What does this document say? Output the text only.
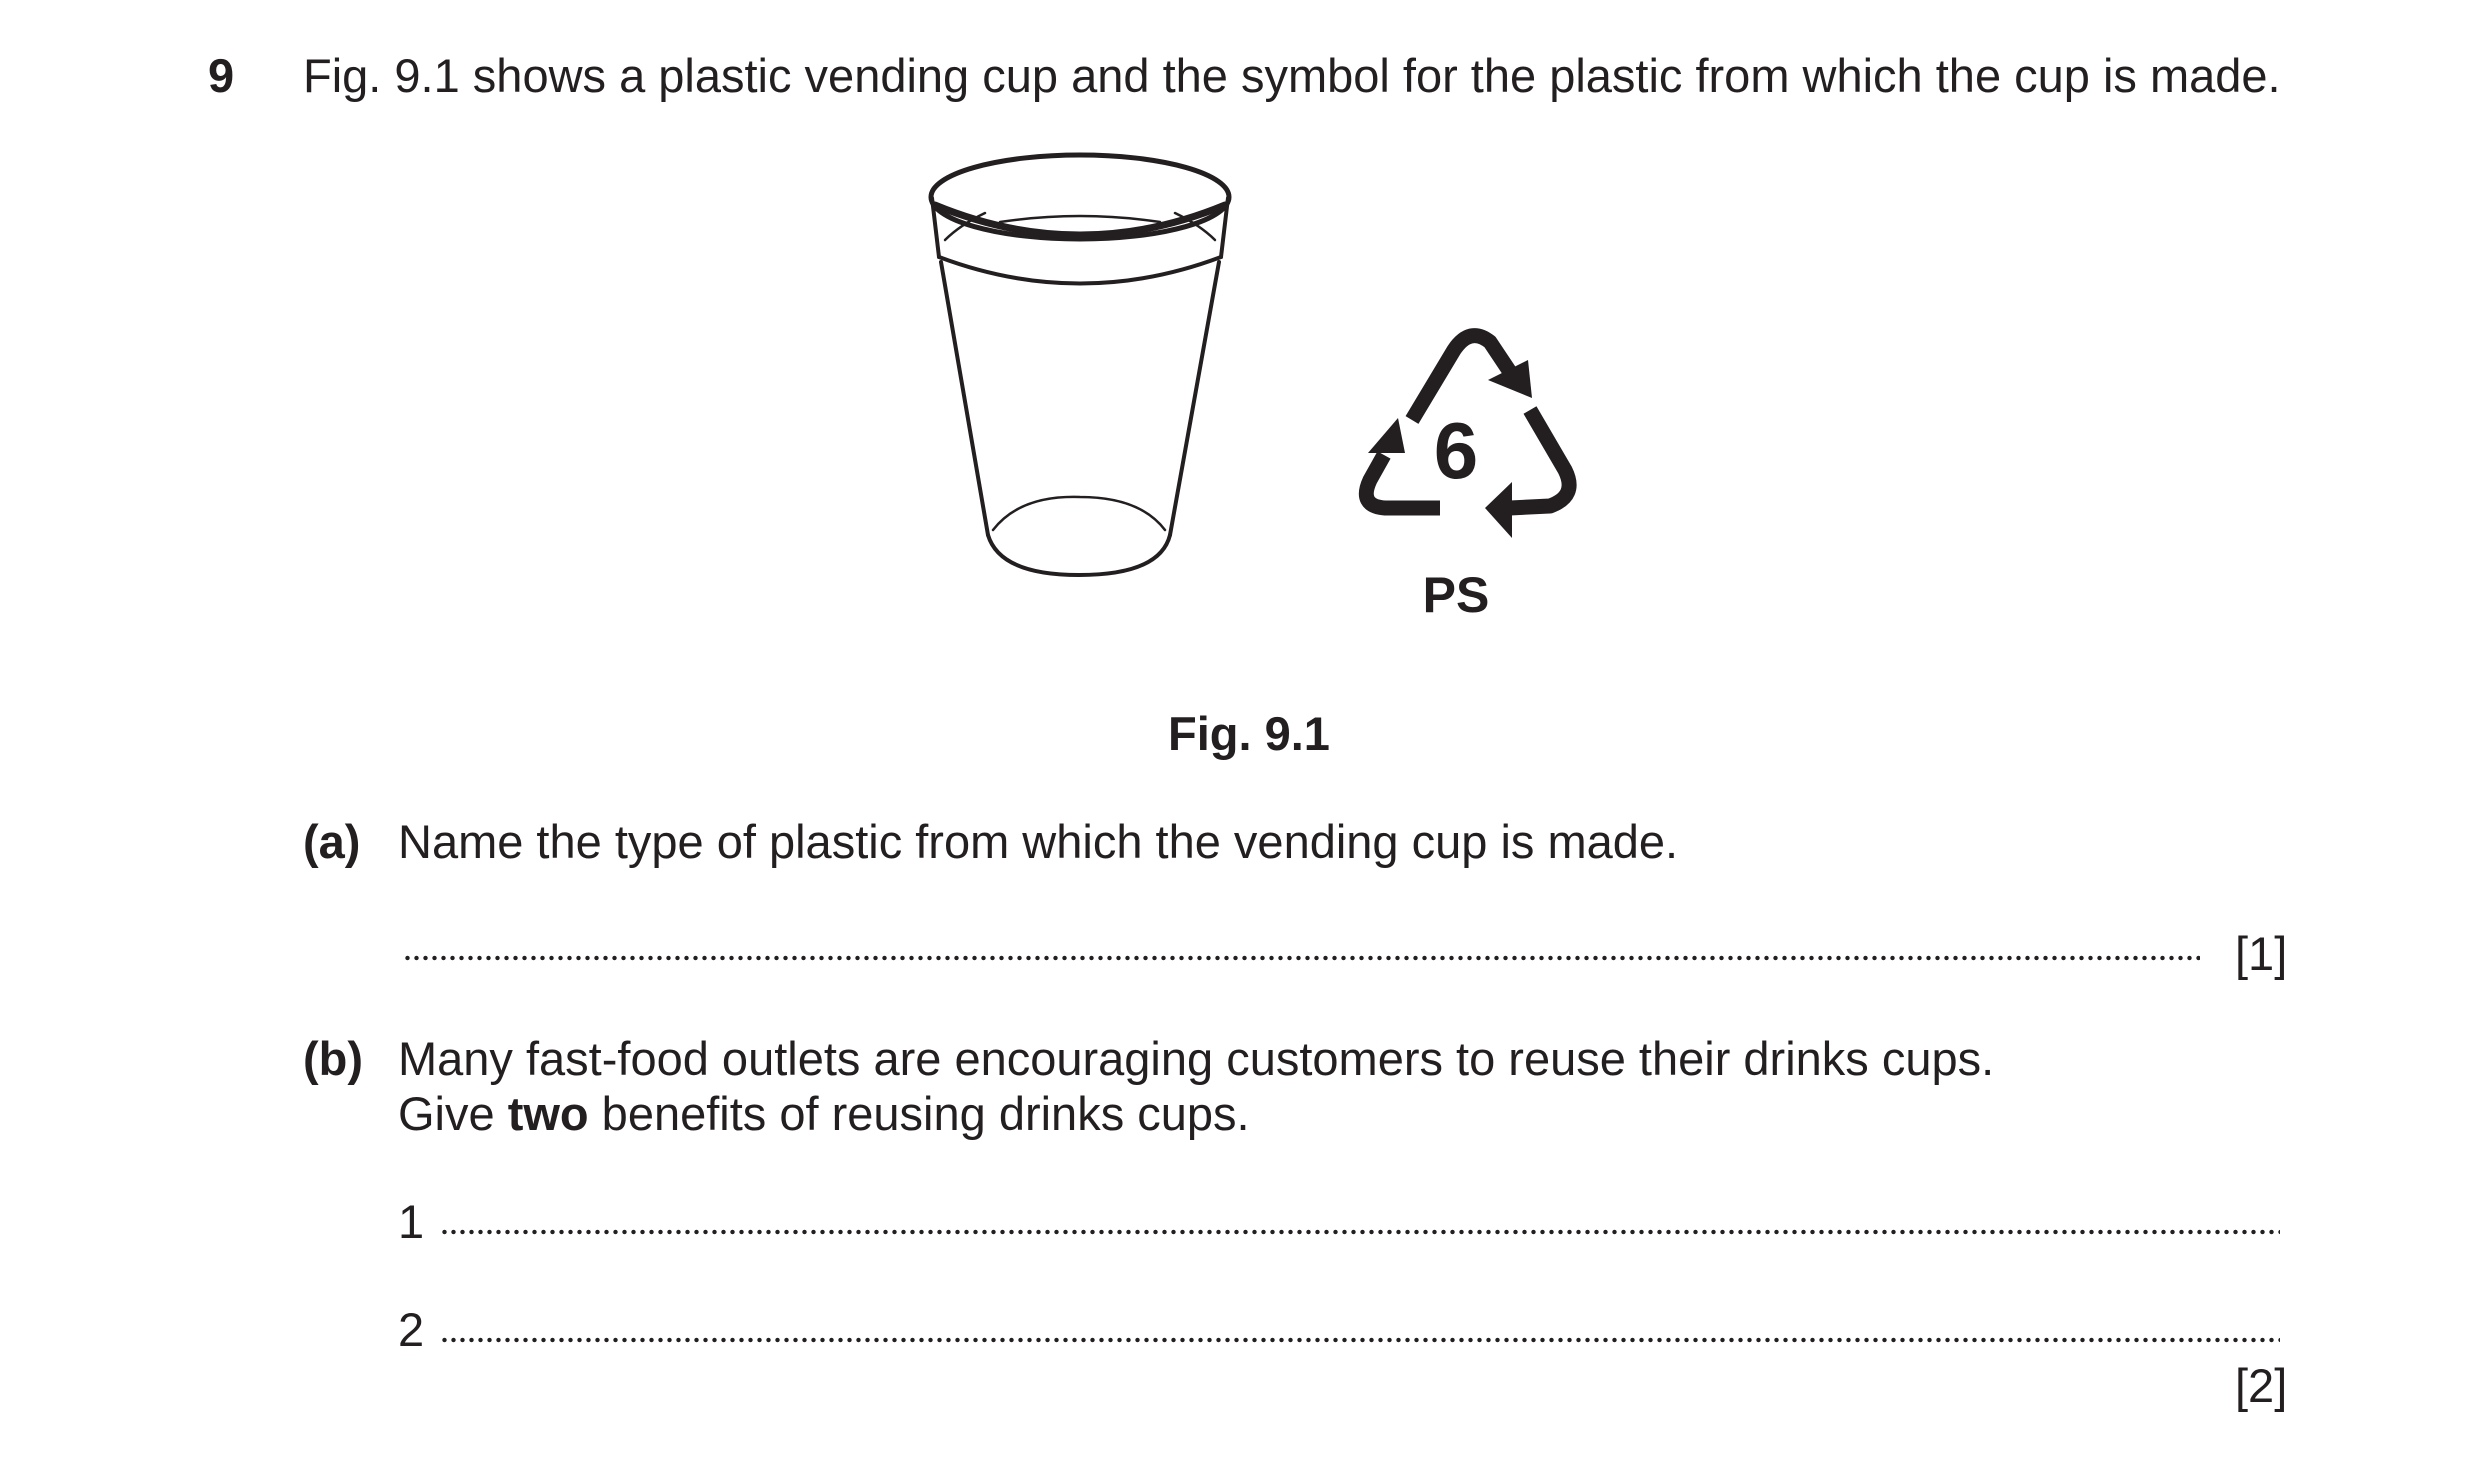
9 Fig. 9.1 shows a plastic vending cup and the symbol for the plastic from which the cup is made.
6
PS
Fig. 9.1
(a) Name the type of plastic from which the vending cup is made.
[1]
(b) Many fast-food outlets are encouraging customers to reuse their drinks cups.
Give two benefits of reusing drinks cups.
1
2
[2]
